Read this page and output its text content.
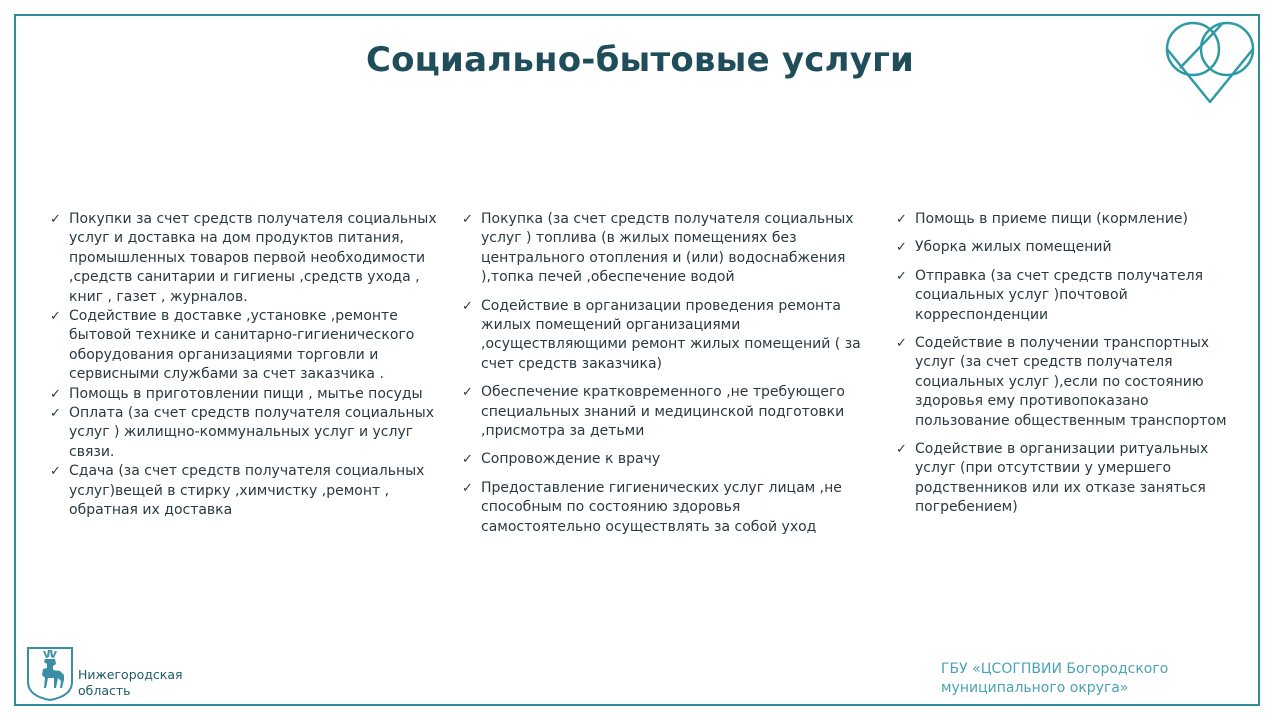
Социально-бытовые услуги
✓ Покупки за счет средств получателя социальных услуг и доставка на дом продуктов питания, промышленных товаров первой необходимости ,средств санитарии и гигиены ,средств ухода , книг , газет , журналов.
✓ Содействие в доставке ,установке ,ремонте бытовой технике и санитарно-гигиенического оборудования организациями торговли и сервисными службами за счет заказчика .
✓ Помощь в приготовлении пищи , мытье посуды
✓ Оплата (за счет средств получателя социальных услуг ) жилищно-коммунальных услуг и услуг связи.
✓ Сдача (за счет средств получателя социальных услуг)вещей в стирку ,химчистку ,ремонт , обратная их доставка
✓ Покупка (за счет средств получателя социальных услуг ) топлива (в жилых помещениях без центрального отопления и (или) водоснабжения ),топка печей ,обеспечение водой
✓ Содействие в организации проведения ремонта жилых помещений организациями ,осуществляющими ремонт жилых помещений ( за счет средств заказчика)
✓ Обеспечение кратковременного ,не требующего специальных знаний и медицинской подготовки ,присмотра за детьми
✓ Сопровождение к врачу
✓ Предоставление гигиенических услуг лицам ,не способным по состоянию здоровья самостоятельно осуществлять за собой уход
✓ Помощь в приеме пищи (кормление)
✓ Уборка жилых помещений
✓ Отправка (за счет средств получателя социальных услуг )почтовой корреспонденции
✓ Содействие в получении транспортных услуг (за счет средств получателя социальных услуг ),если по состоянию здоровья ему противопоказано пользование общественным транспортом
✓ Содействие в организации ритуальных услуг (при отсутствии у умершего родственников или их отказе заняться погребением)
Нижегородская
область
ГБУ «ЦСОГПВИИ Богородского
муниципального округа»
